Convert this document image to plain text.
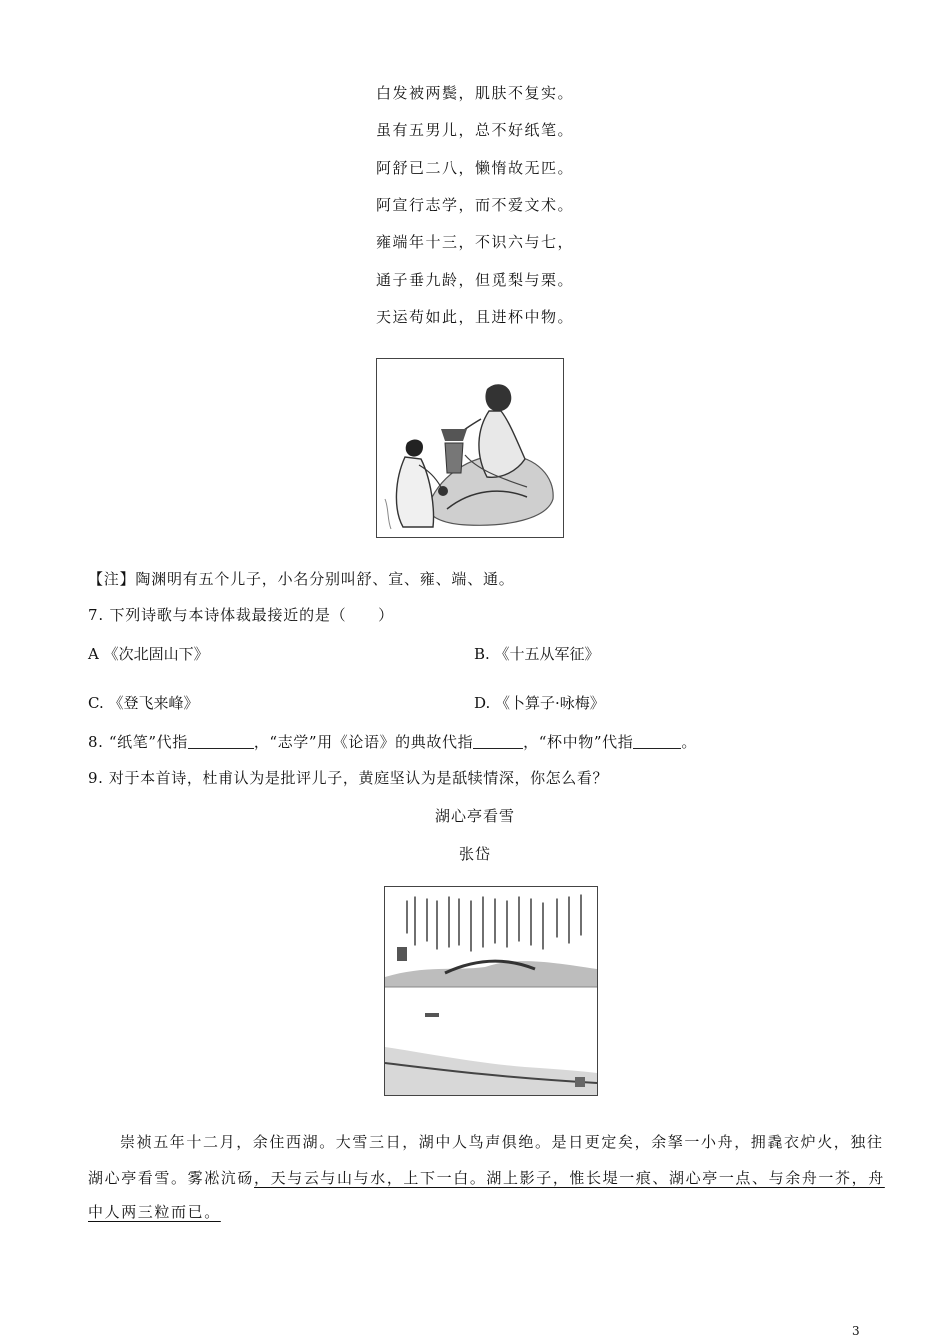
白发被两鬓，肌肤不复实。
虽有五男儿，总不好纸笔。
阿舒已二八，懒惰故无匹。
阿宣行志学，而不爱文术。
雍端年十三，不识六与七，
通子垂九龄，但觅梨与栗。
天运苟如此，且进杯中物。
【注】陶渊明有五个儿子，小名分别叫舒、宣、雍、端、通。
7. 下列诗歌与本诗体裁最接近的是（　　）
A 《次北固山下》	B. 《十五从军征》
C. 《登飞来峰》	D. 《卜算子·咏梅》
8. “纸笔”代指	，“志学”用《论语》的典故代指	，“杯中物”代指	。
9. 对于本首诗，杜甫认为是批评儿子，黄庭坚认为是舐犊情深，你怎么看？
湖心亭看雪
张岱
崇祯五年十二月，余住西湖。大雪三日，湖中人鸟声俱绝。是日更定矣，余拏一小舟，拥毳衣炉火，独往
湖心亭看雪。雾凇沆砀，天与云与山与水，上下一白。湖上影子，惟长堤一痕、湖心亭一点、与余舟一芥，舟
中人两三粒而已。
3
